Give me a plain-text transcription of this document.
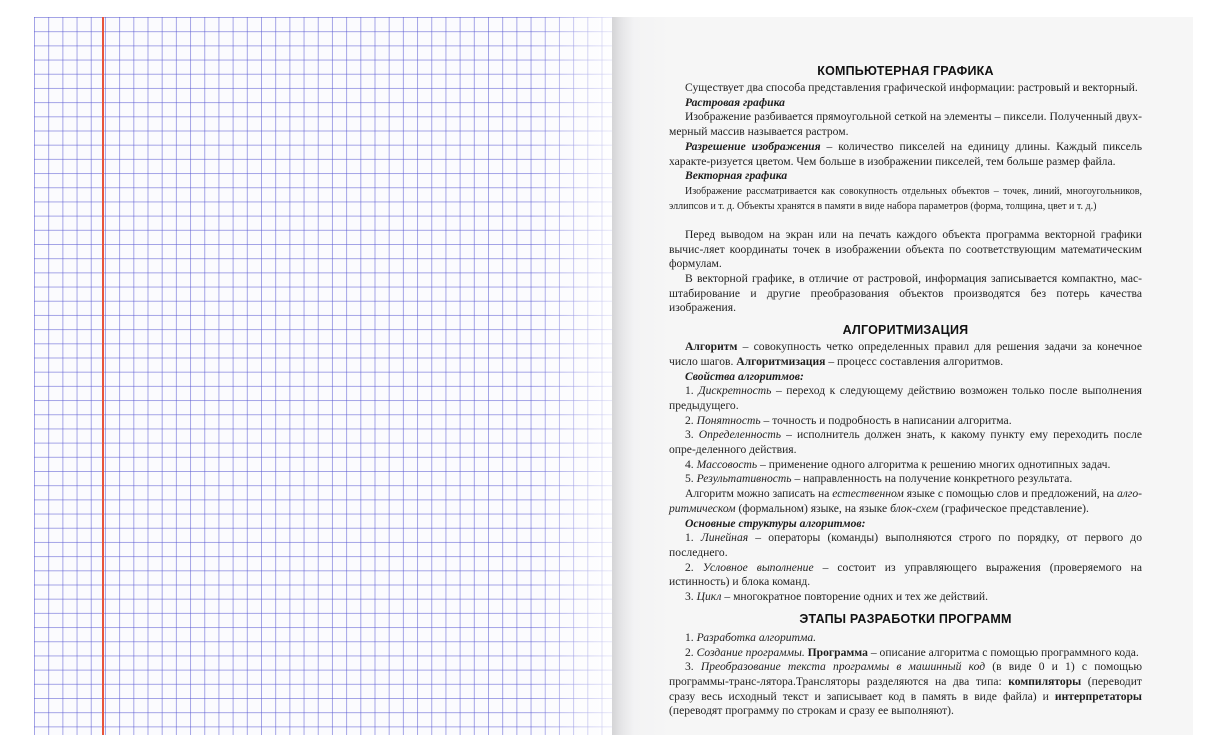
КОМПЬЮТЕРНАЯ ГРАФИКА

Существует два способа представления графической информации: растровый и векторный.

Растровая графика

Изображение разбивается прямоугольной сеткой на элементы – пиксели. Полученный двух-мерный массив называется растром.

Разрешение изображения – количество пикселей на единицу длины. Каждый пиксель характе-ризуется цветом. Чем больше в изображении пикселей, тем больше размер файла.

Векторная графика

Изображение рассматривается как совокупность отдельных объектов – точек, линий, многоугольников, эллипсов и т. д. Объекты хранятся в памяти в виде набора параметров (форма, толщина, цвет и т. д.)

Перед выводом на экран или на печать каждого объекта программа векторной графики вычис-ляет координаты точек в изображении объекта по соответствующим математическим формулам.

В векторной графике, в отличие от растровой, информация записывается компактно, мас-штабирование и другие преобразования объектов производятся без потерь качества изображения.

АЛГОРИТМИЗАЦИЯ

Алгоритм – совокупность четко определенных правил для решения задачи за конечное число шагов. Алгоритмизация – процесс составления алгоритмов.

Свойства алгоритмов:

1. Дискретность – переход к следующему действию возможен только после выполнения предыдущего.

2. Понятность – точность и подробность в написании алгоритма.

3. Определенность – исполнитель должен знать, к какому пункту ему переходить после опре-деленного действия.

4. Массовость – применение одного алгоритма к решению многих однотипных задач.

5. Результативность – направленность на получение конкретного результата.

Алгоритм можно записать на естественном языке с помощью слов и предложений, на алго-ритмическом (формальном) языке, на языке блок-схем (графическое представление).

Основные структуры алгоритмов:

1. Линейная – операторы (команды) выполняются строго по порядку, от первого до последнего.

2. Условное выполнение – состоит из управляющего выражения (проверяемого на истинность) и блока команд.

3. Цикл – многократное повторение одних и тех же действий.

ЭТАПЫ РАЗРАБОТКИ ПРОГРАММ

1. Разработка алгоритма.

2. Создание программы. Программа – описание алгоритма с помощью программного кода.

3. Преобразование текста программы в машинный код (в виде 0 и 1) с помощью программы-транс-лятора.Трансляторы разделяются на два типа: компиляторы (переводит сразу весь исходный текст и записывает код в память в виде файла) и интерпретаторы (переводят программу по строкам и сразу ее выполняют).
